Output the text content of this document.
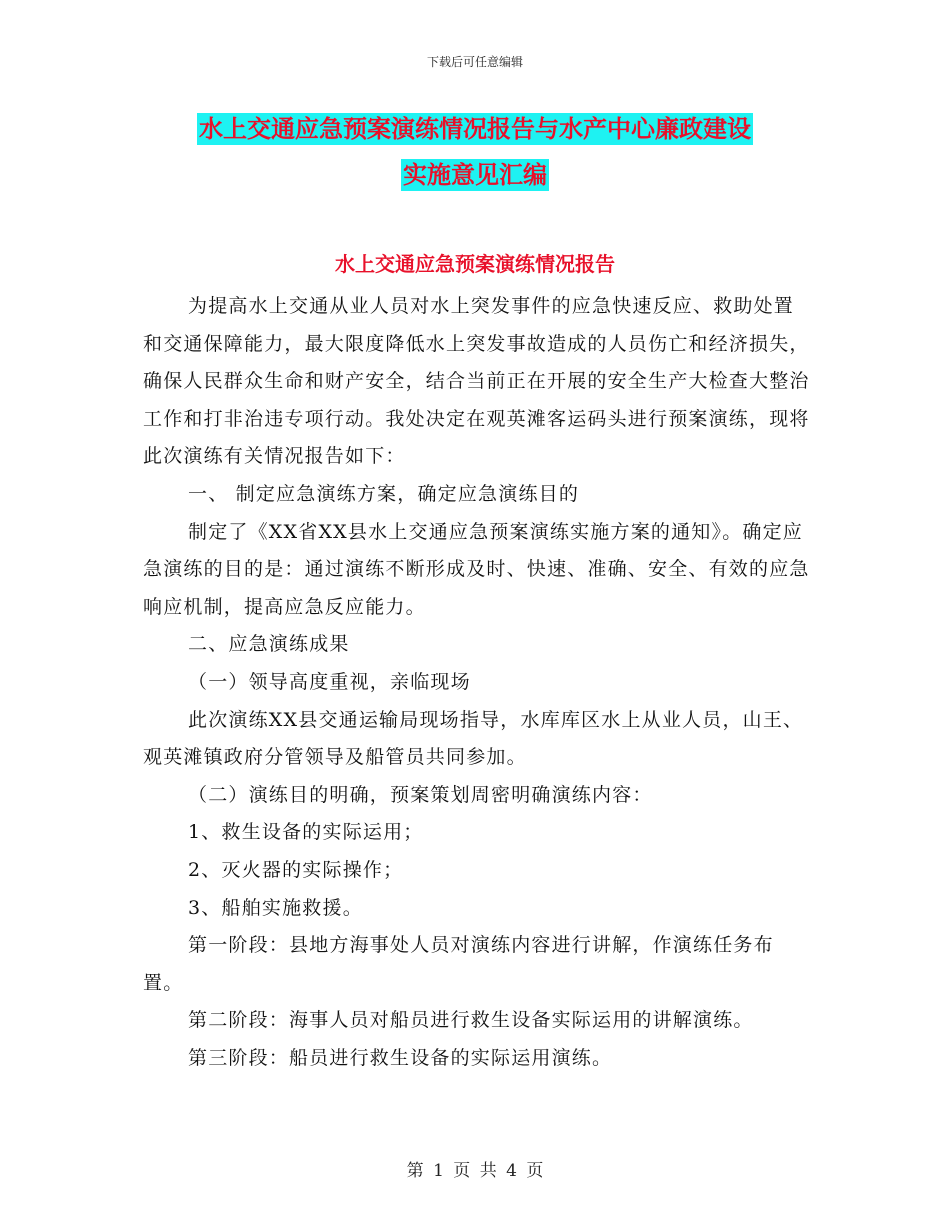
下载后可任意编辑
水上交通应急预案演练情况报告与水产中心廉政建设
实施意见汇编
水上交通应急预案演练情况报告

为提高水上交通从业人员对水上突发事件的应急快速反应、救助处置和交通保障能力，最大限度降低水上突发事故造成的人员伤亡和经济损失，确保人民群众生命和财产安全，结合当前正在开展的安全生产大检查大整治工作和打非治违专项行动。我处决定在观英滩客运码头进行预案演练，现将此次演练有关情况报告如下：

一、 制定应急演练方案，确定应急演练目的

制定了《XX省XX县水上交通应急预案演练实施方案的通知》。确定应急演练的目的是：通过演练不断形成及时、快速、准确、安全、有效的应急响应机制，提高应急反应能力。

二、应急演练成果

（一）领导高度重视，亲临现场

此次演练XX县交通运输局现场指导，水库库区水上从业人员，山王、观英滩镇政府分管领导及船管员共同参加。

（二）演练目的明确，预案策划周密明确演练内容：

1、救生设备的实际运用；

2、灭火器的实际操作；

3、船舶实施救援。

第一阶段：县地方海事处人员对演练内容进行讲解，作演练任务布置。

第二阶段：海事人员对船员进行救生设备实际运用的讲解演练。

第三阶段：船员进行救生设备的实际运用演练。

第 1 页 共 4 页
